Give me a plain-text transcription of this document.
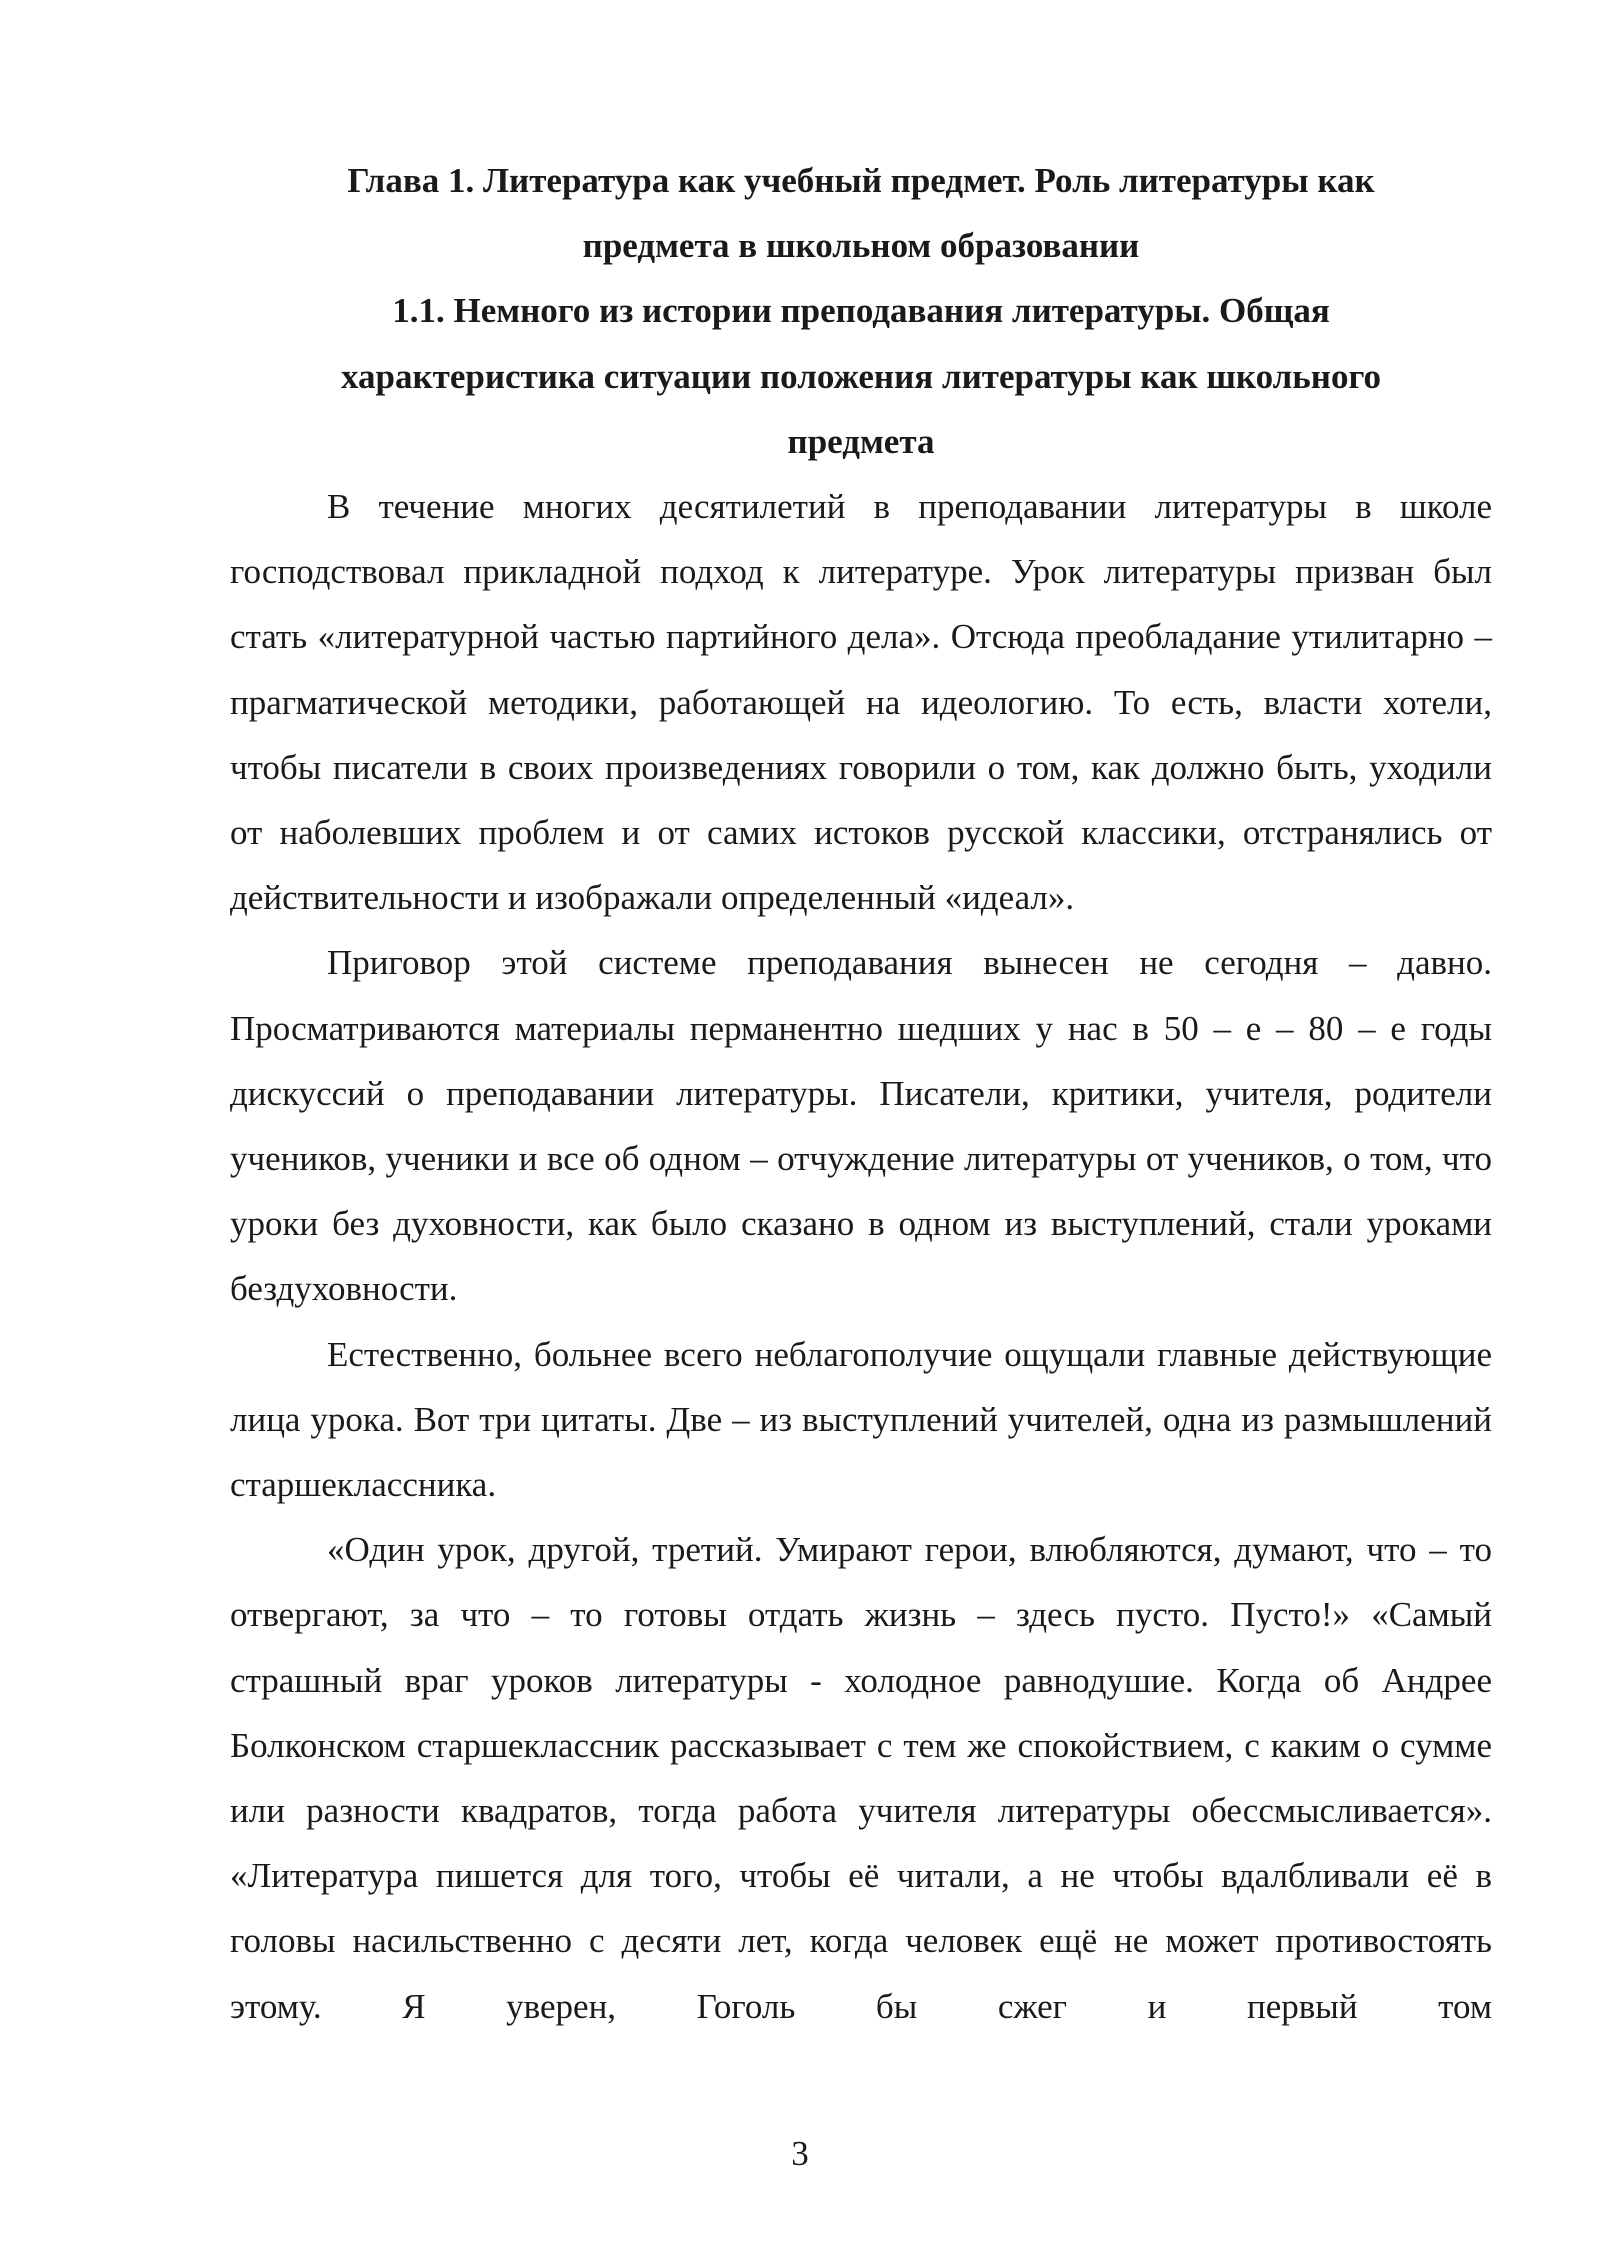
Глава 1. Литература как учебный предмет. Роль литературы как предмета в школьном образовании

1.1. Немного из истории преподавания литературы. Общая характеристика ситуации положения литературы как школьного предмета

В течение многих десятилетий в преподавании литературы в школе господствовал прикладной подход к литературе. Урок литературы призван был стать «литературной частью партийного дела». Отсюда преобладание утилитарно – прагматической методики, работающей на идеологию. То есть, власти хотели, чтобы писатели в своих произведениях говорили о том, как должно быть, уходили от наболевших проблем и от самих истоков русской классики, отстранялись от действительности и изображали определенный «идеал».

Приговор этой системе преподавания вынесен не сегодня – давно. Просматриваются материалы перманентно шедших у нас в 50 – е – 80 – е годы дискуссий о преподавании литературы. Писатели, критики, учителя, родители учеников, ученики и все об одном – отчуждение литературы от учеников, о том, что уроки без духовности, как было сказано в одном из выступлений, стали уроками бездуховности.

Естественно, больнее всего неблагополучие ощущали главные действующие лица урока. Вот три цитаты. Две – из выступлений учителей, одна из размышлений старшеклассника.

«Один урок, другой, третий. Умирают герои, влюбляются, думают, что – то отвергают, за что – то готовы отдать жизнь – здесь пусто. Пусто!» «Самый страшный враг уроков литературы - холодное равнодушие. Когда об Андрее Болконском старшеклассник рассказывает с тем же спокойствием, с каким о сумме или разности квадратов, тогда работа учителя литературы обессмысливается». «Литература пишется для того, чтобы её читали, а не чтобы вдалбливали её в головы насильственно с десяти лет, когда человек ещё не может противостоять этому. Я уверен, Гоголь бы сжег и первый том

3
